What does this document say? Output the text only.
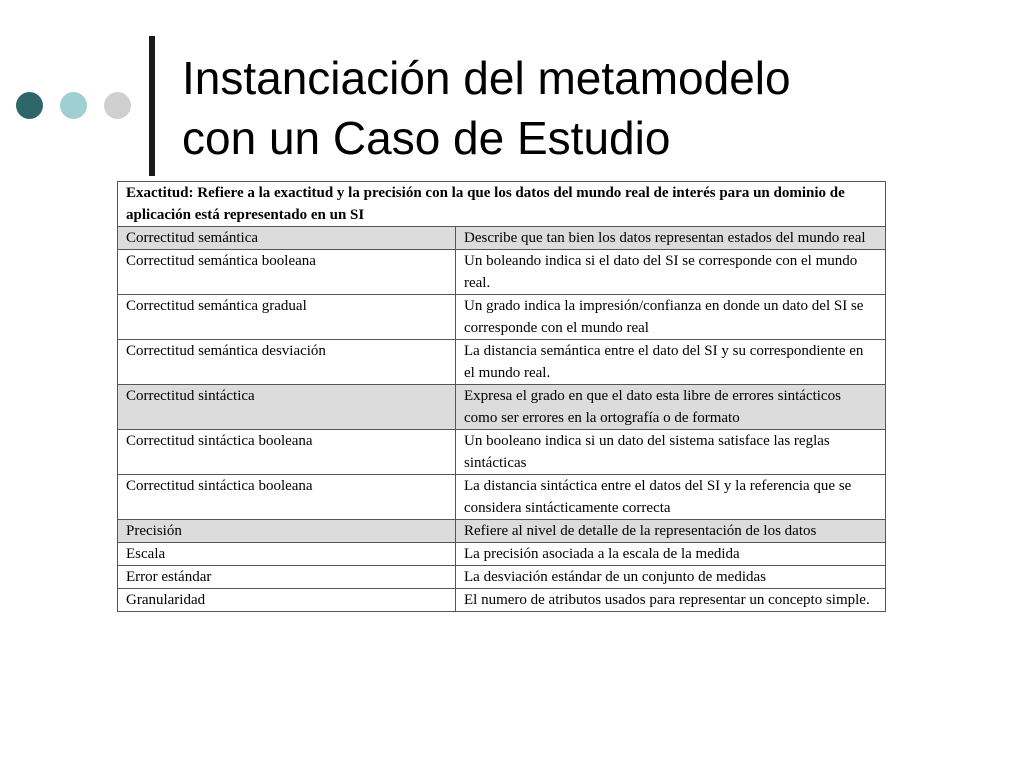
Instanciación del metamodelo
con un Caso de Estudio
Exactitud: Refiere a la exactitud y la precisión con la que los datos del mundo real de interés para un dominio de aplicación está representado en un SI	
Correctitud semántica	Describe que tan bien los datos representan estados del mundo real
Correctitud semántica booleana	Un boleando indica si el dato del SI se corresponde con el mundo real.
Correctitud semántica gradual	Un grado indica la impresión/confianza en donde un dato del SI se corresponde con el mundo real
Correctitud semántica desviación	La distancia semántica entre el dato del SI y su correspondiente en el mundo real.
Correctitud sintáctica	Expresa el grado en que el dato esta libre de errores sintácticos como ser errores en la ortografía o de formato
Correctitud sintáctica booleana	Un booleano indica si un dato del sistema satisface las reglas sintácticas
Correctitud sintáctica booleana	La distancia sintáctica entre el datos del SI y la referencia que se considera sintácticamente correcta
Precisión	Refiere al nivel de detalle de la representación de los datos
Escala	La precisión asociada a la escala de la medida
Error estándar	La desviación estándar de un conjunto de medidas
Granularidad	El numero de atributos usados para representar un concepto simple.
